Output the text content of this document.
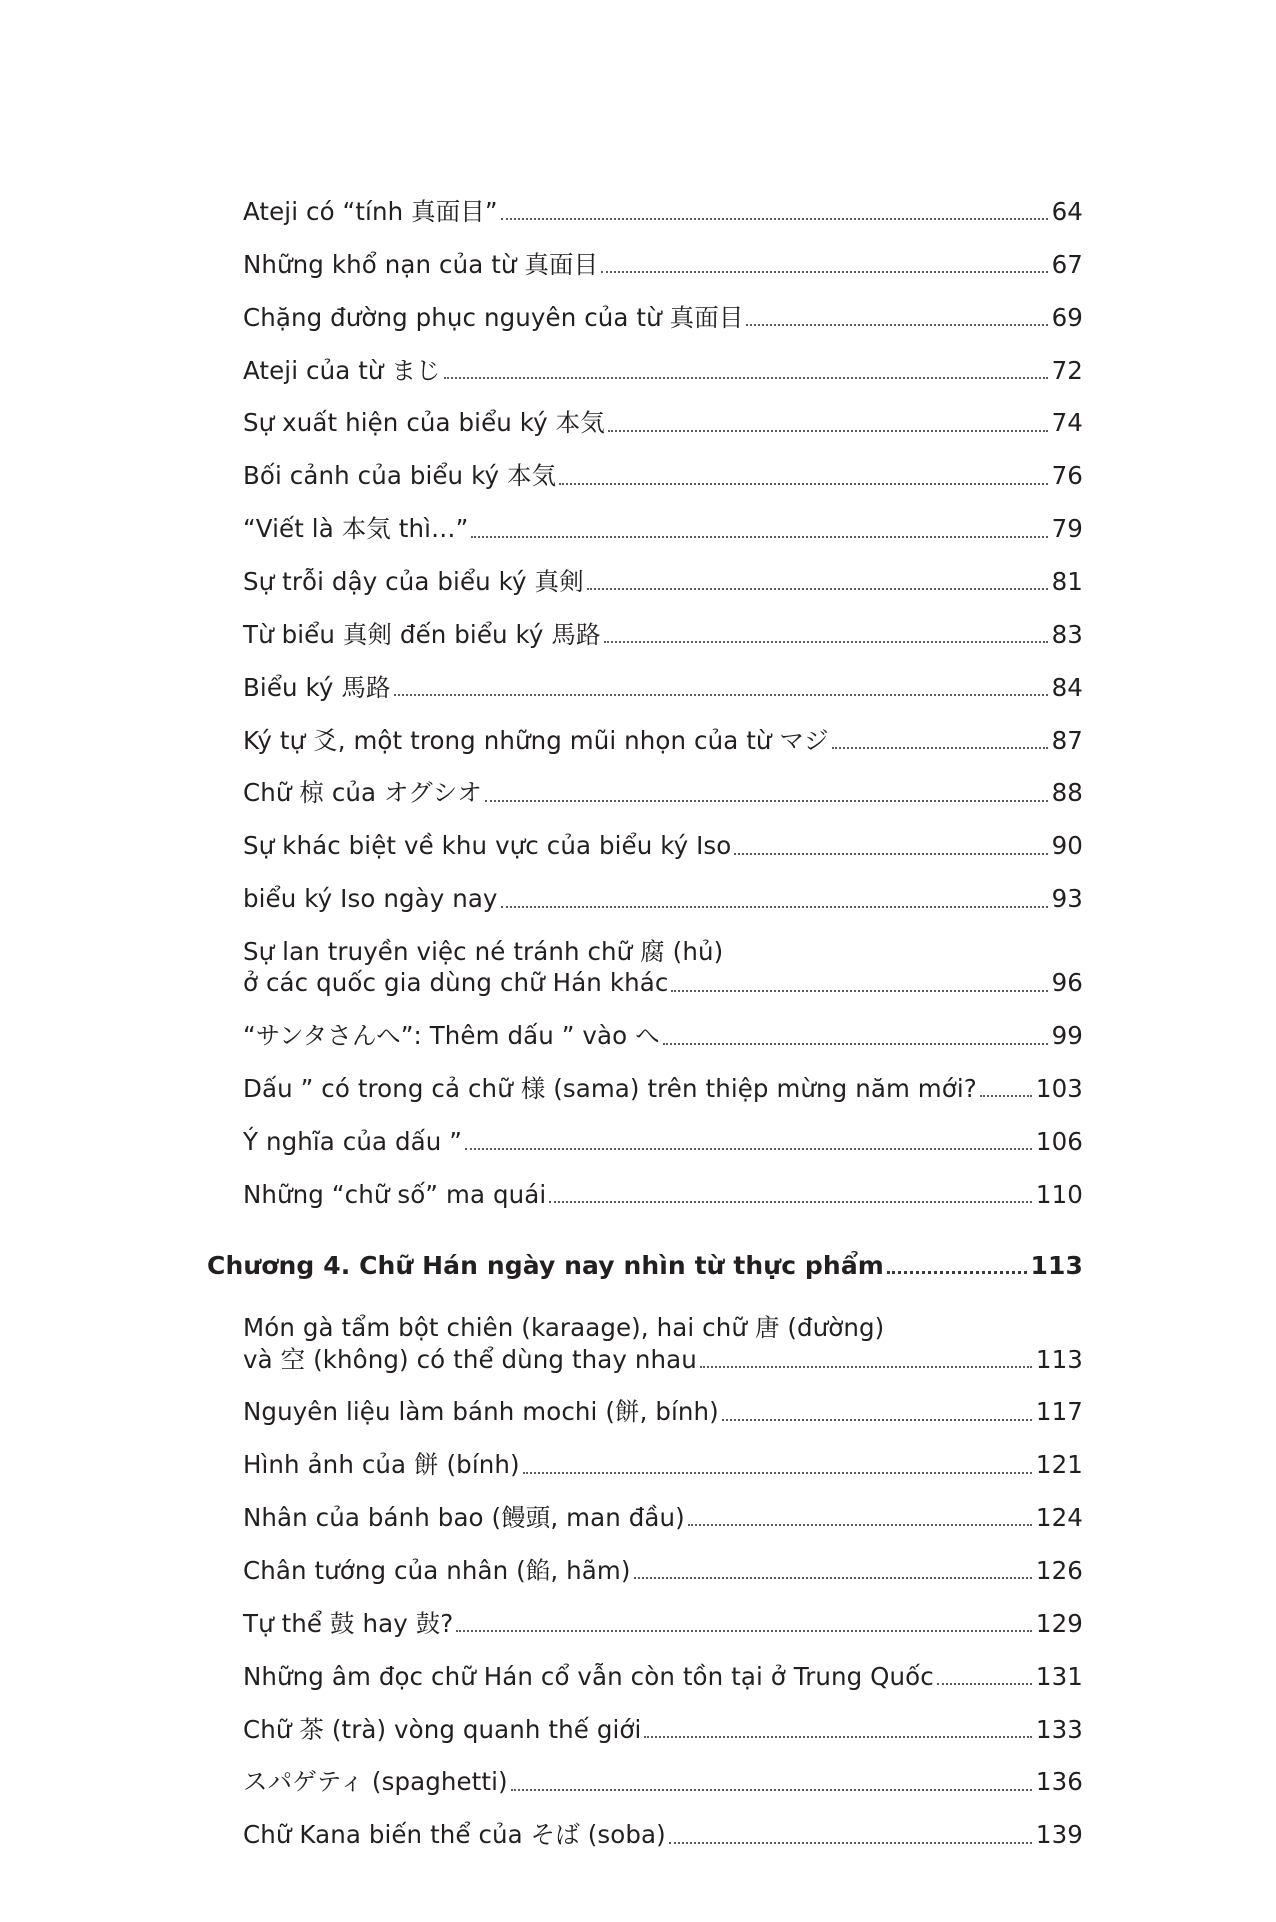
Ateji có “tính 真面目”	64
Những khổ nạn của từ 真面目	67
Chặng đường phục nguyên của từ 真面目	69
Ateji của từ まじ	72
Sự xuất hiện của biểu ký 本気	74
Bối cảnh của biểu ký 本気	76
“Viết là 本気 thì…”	79
Sự trỗi dậy của biểu ký 真剣	81
Từ biểu 真剣 đến biểu ký 馬路	83
Biểu ký 馬路	84
Ký tự 爻, một trong những mũi nhọn của từ マジ	87
Chữ 椋 của オグシオ	88
Sự khác biệt về khu vực của biểu ký Iso	90
biểu ký Iso ngày nay	93
Sự lan truyền việc né tránh chữ 腐 (hủ)
ở các quốc gia dùng chữ Hán khác	96
“サンタさんへ”: Thêm dấu ” vào へ	99
Dấu ” có trong cả chữ 様 (sama) trên thiệp mừng năm mới? 103
Ý nghĩa của dấu ”	106
Những “chữ số” ma quái	110
Chương 4. Chữ Hán ngày nay nhìn từ thực phẩm	113
Món gà tẩm bột chiên (karaage), hai chữ 唐 (đường)
và 空 (không) có thể dùng thay nhau	113
Nguyên liệu làm bánh mochi (餅, bính)	117
Hình ảnh của 餅 (bính)	121
Nhân của bánh bao (饅頭, man đầu)	124
Chân tướng của nhân (餡, hãm)	126
Tự thể 鼓 hay 鼔?	129
Những âm đọc chữ Hán cổ vẫn còn tồn tại ở Trung Quốc	131
Chữ 茶 (trà) vòng quanh thế giới	133
スパゲティ (spaghetti)	136
Chữ Kana biến thể của そば (soba)	139
